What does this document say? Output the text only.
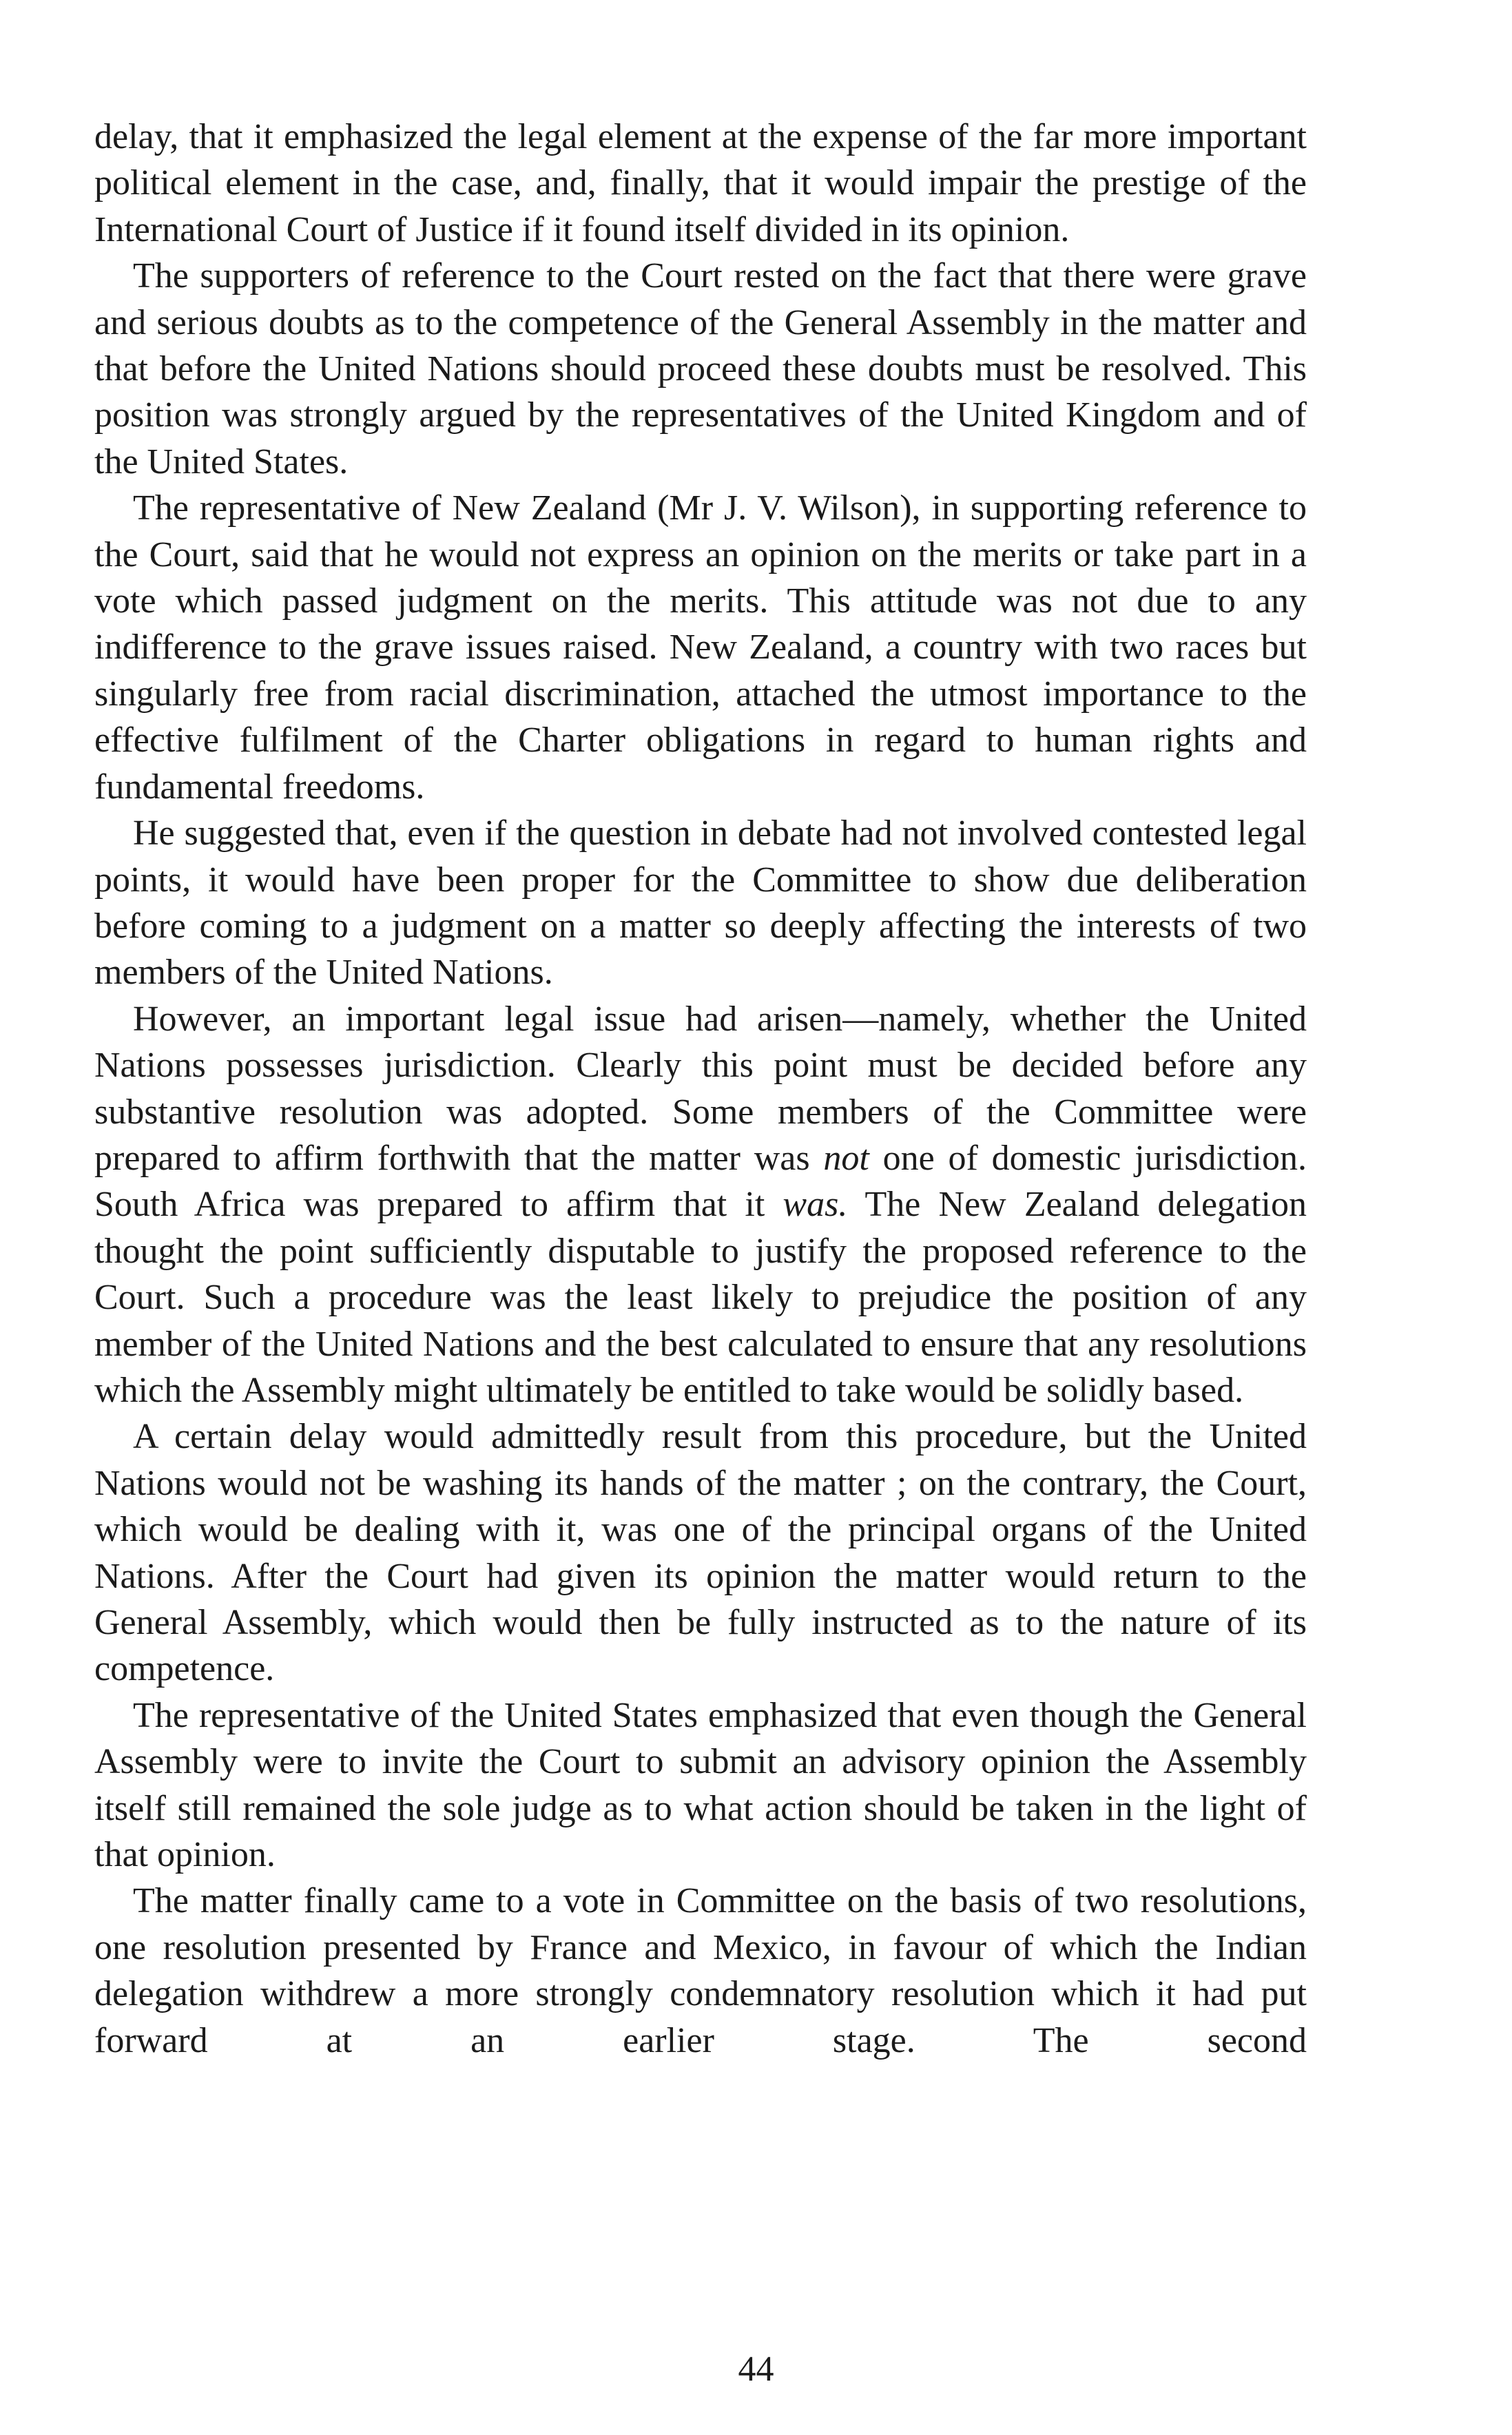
delay, that it emphasized the legal element at the expense of the far more important political element in the case, and, finally, that it would impair the prestige of the International Court of Justice if it found itself divided in its opinion.

The supporters of reference to the Court rested on the fact that there were grave and serious doubts as to the competence of the General Assembly in the matter and that before the United Nations should proceed these doubts must be resolved. This position was strongly argued by the representatives of the United Kingdom and of the United States.

The representative of New Zealand (Mr J. V. Wilson), in supporting reference to the Court, said that he would not express an opinion on the merits or take part in a vote which passed judgment on the merits. This attitude was not due to any indifference to the grave issues raised. New Zealand, a country with two races but singularly free from racial discrimination, attached the utmost importance to the effective fulfilment of the Charter obligations in regard to human rights and fundamental freedoms.

He suggested that, even if the question in debate had not involved contested legal points, it would have been proper for the Committee to show due deliberation before coming to a judgment on a matter so deeply affecting the interests of two members of the United Nations.

However, an important legal issue had arisen—namely, whether the United Nations possesses jurisdiction. Clearly this point must be decided before any substantive resolution was adopted. Some members of the Committee were prepared to affirm forthwith that the matter was not one of domestic jurisdiction. South Africa was prepared to affirm that it was. The New Zealand delegation thought the point sufficiently disputable to justify the proposed reference to the Court. Such a procedure was the least likely to prejudice the position of any member of the United Nations and the best calculated to ensure that any resolutions which the Assembly might ultimately be entitled to take would be solidly based.

A certain delay would admittedly result from this procedure, but the United Nations would not be washing its hands of the matter ; on the contrary, the Court, which would be dealing with it, was one of the principal organs of the United Nations. After the Court had given its opinion the matter would return to the General Assembly, which would then be fully instructed as to the nature of its competence.

The representative of the United States emphasized that even though the General Assembly were to invite the Court to submit an advisory opinion the Assembly itself still remained the sole judge as to what action should be taken in the light of that opinion.

The matter finally came to a vote in Committee on the basis of two resolutions, one resolution presented by France and Mexico, in favour of which the Indian delegation withdrew a more strongly condemnatory resolution which it had put forward at an earlier stage. The second

44
